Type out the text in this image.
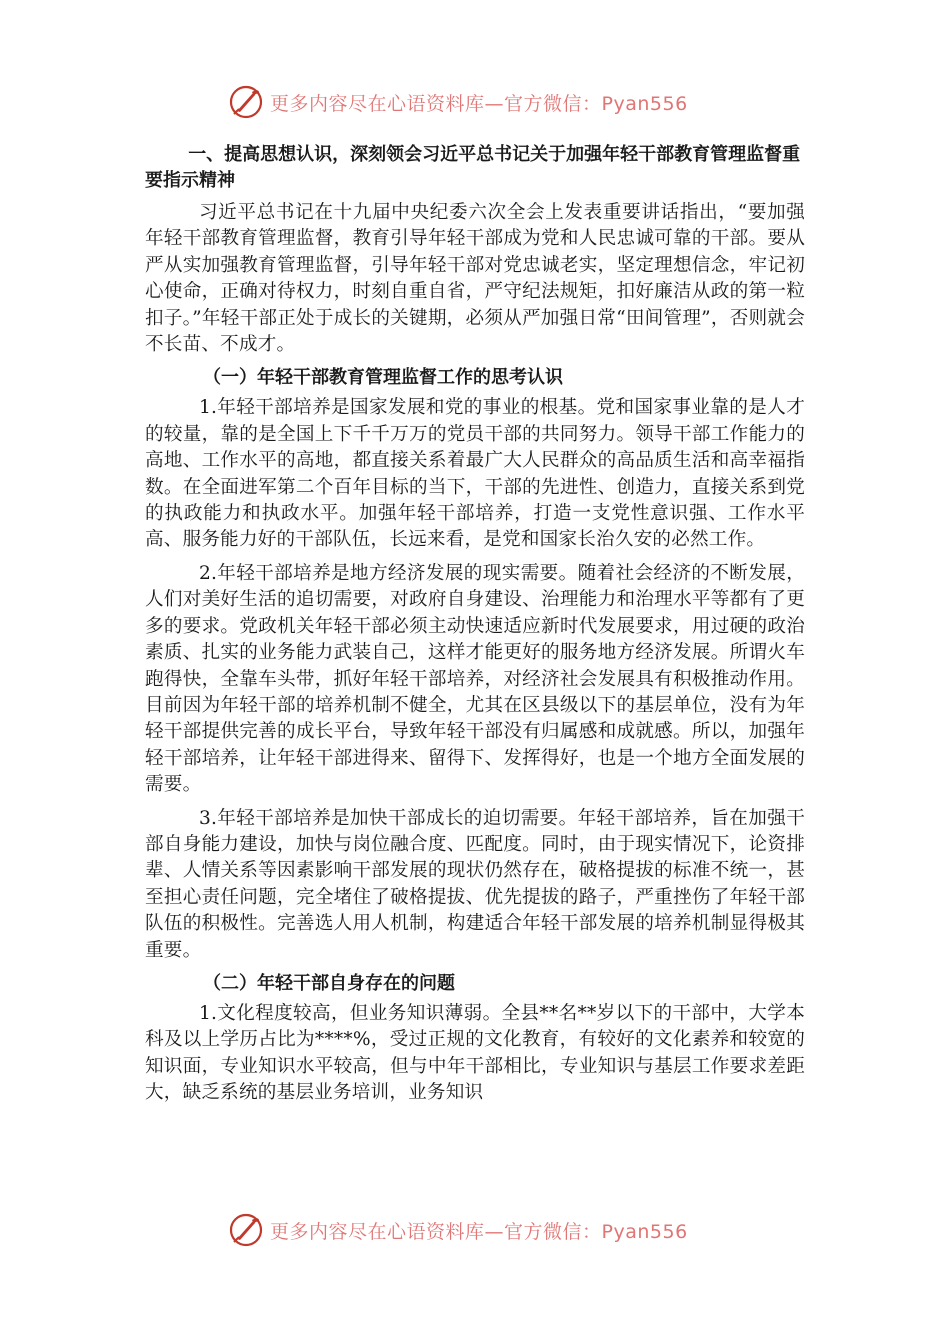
更多内容尽在心语资料库—官方微信：Pyan556
一、提高思想认识，深刻领会习近平总书记关于加强年轻干部教育管理监督重要指示精神

习近平总书记在十九届中央纪委六次全会上发表重要讲话指出，“要加强年轻干部教育管理监督，教育引导年轻干部成为党和人民忠诚可靠的干部。要从严从实加强教育管理监督，引导年轻干部对党忠诚老实，坚定理想信念，牢记初心使命，正确对待权力，时刻自重自省，严守纪法规矩，扣好廉洁从政的第一粒扣子。”年轻干部正处于成长的关键期，必须从严加强日常“田间管理”，否则就会不长苗、不成才。

（一）年轻干部教育管理监督工作的思考认识

1.年轻干部培养是国家发展和党的事业的根基。党和国家事业靠的是人才的较量，靠的是全国上下千千万万的党员干部的共同努力。领导干部工作能力的高地、工作水平的高地，都直接关系着最广大人民群众的高品质生活和高幸福指数。在全面进军第二个百年目标的当下，干部的先进性、创造力，直接关系到党的执政能力和执政水平。加强年轻干部培养，打造一支党性意识强、工作水平高、服务能力好的干部队伍，长远来看，是党和国家长治久安的必然工作。

2.年轻干部培养是地方经济发展的现实需要。随着社会经济的不断发展，人们对美好生活的追切需要，对政府自身建设、治理能力和治理水平等都有了更多的要求。党政机关年轻干部必须主动快速适应新时代发展要求，用过硬的政治素质、扎实的业务能力武装自己，这样才能更好的服务地方经济发展。所谓火车跑得快，全靠车头带，抓好年轻干部培养，对经济社会发展具有积极推动作用。目前因为年轻干部的培养机制不健全，尤其在区县级以下的基层单位，没有为年轻干部提供完善的成长平台，导致年轻干部没有归属感和成就感。所以，加强年轻干部培养，让年轻干部进得来、留得下、发挥得好，也是一个地方全面发展的需要。

3.年轻干部培养是加快干部成长的迫切需要。年轻干部培养，旨在加强干部自身能力建设，加快与岗位融合度、匹配度。同时，由于现实情况下，论资排辈、人情关系等因素影响干部发展的现状仍然存在，破格提拔的标准不统一，甚至担心责任问题，完全堵住了破格提拔、优先提拔的路子，严重挫伤了年轻干部队伍的积极性。完善选人用人机制，构建适合年轻干部发展的培养机制显得极其重要。

（二）年轻干部自身存在的问题

1.文化程度较高，但业务知识薄弱。全县**名**岁以下的干部中，大学本科及以上学历占比为****%，受过正规的文化教育，有较好的文化素养和较宽的知识面，专业知识水平较高，但与中年干部相比，专业知识与基层工作要求差距大，缺乏系统的基层业务培训，业务知识

更多内容尽在心语资料库—官方微信：Pyan556
